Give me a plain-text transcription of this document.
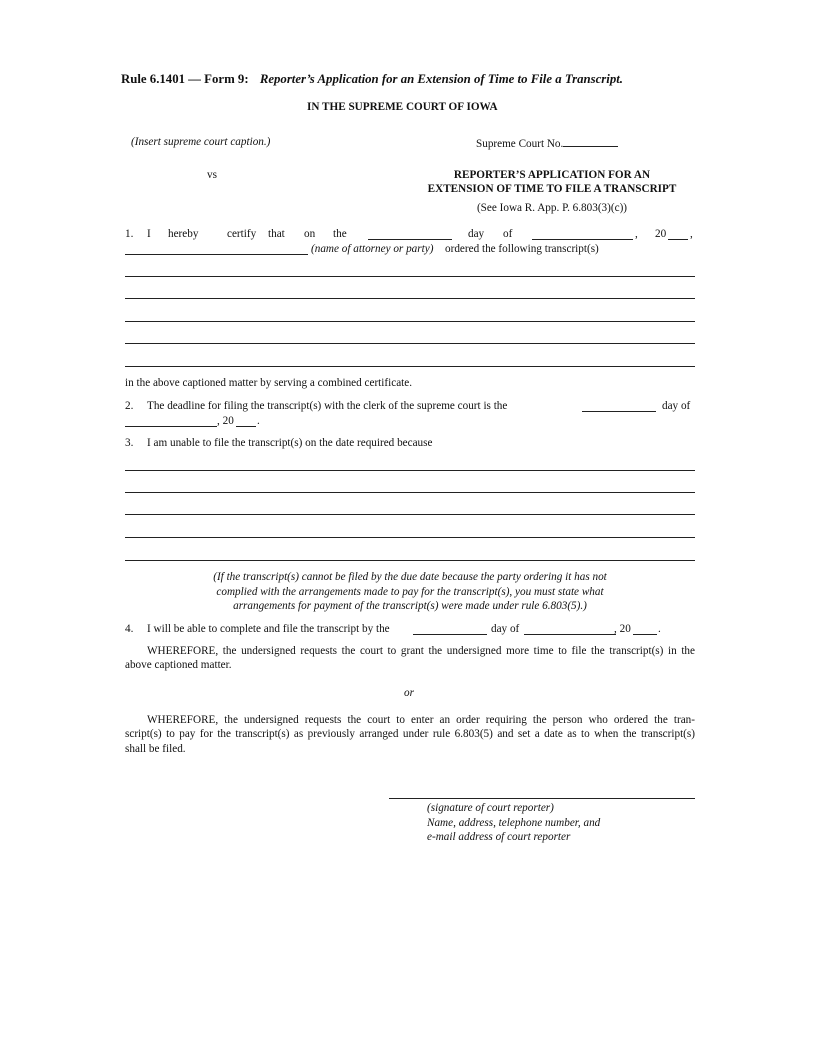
Rule 6.1401 — Form 9: Reporter’s Application for an Extension of Time to File a Transcript.
IN THE SUPREME COURT OF IOWA
(Insert supreme court caption.)	Supreme Court No.
vs	REPORTER’S APPLICATION FOR AN
EXTENSION OF TIME TO FILE A TRANSCRIPT
(See Iowa R. App. P. 6.803(3)(c))
1. I hereby	certify that on the	day of	, 20 ,
(name of attorney or party) ordered the following transcript(s)
in the above captioned matter by serving a combined certificate.
2. The deadline for filing the transcript(s) with the clerk of the supreme court is the	day of
, 20 .
3. I am unable to file the transcript(s) on the date required because
(If the transcript(s) cannot be filed by the due date because the party ordering it has not
complied with the arrangements made to pay for the transcript(s), you must state what
arrangements for payment of the transcript(s) were made under rule 6.803(5).)
4. I will be able to complete and file the transcript by the	day of	, 20 .
WHEREFORE, the undersigned requests the court to grant the undersigned more time to file the transcript(s) in the
above captioned matter.
or
WHEREFORE, the undersigned requests the court to enter an order requiring the person who ordered the tran-
script(s) to pay for the transcript(s) as previously arranged under rule 6.803(5) and set a date as to when the transcript(s)
shall be filed.
(signature of court reporter)
Name, address, telephone number, and
e-mail address of court reporter
